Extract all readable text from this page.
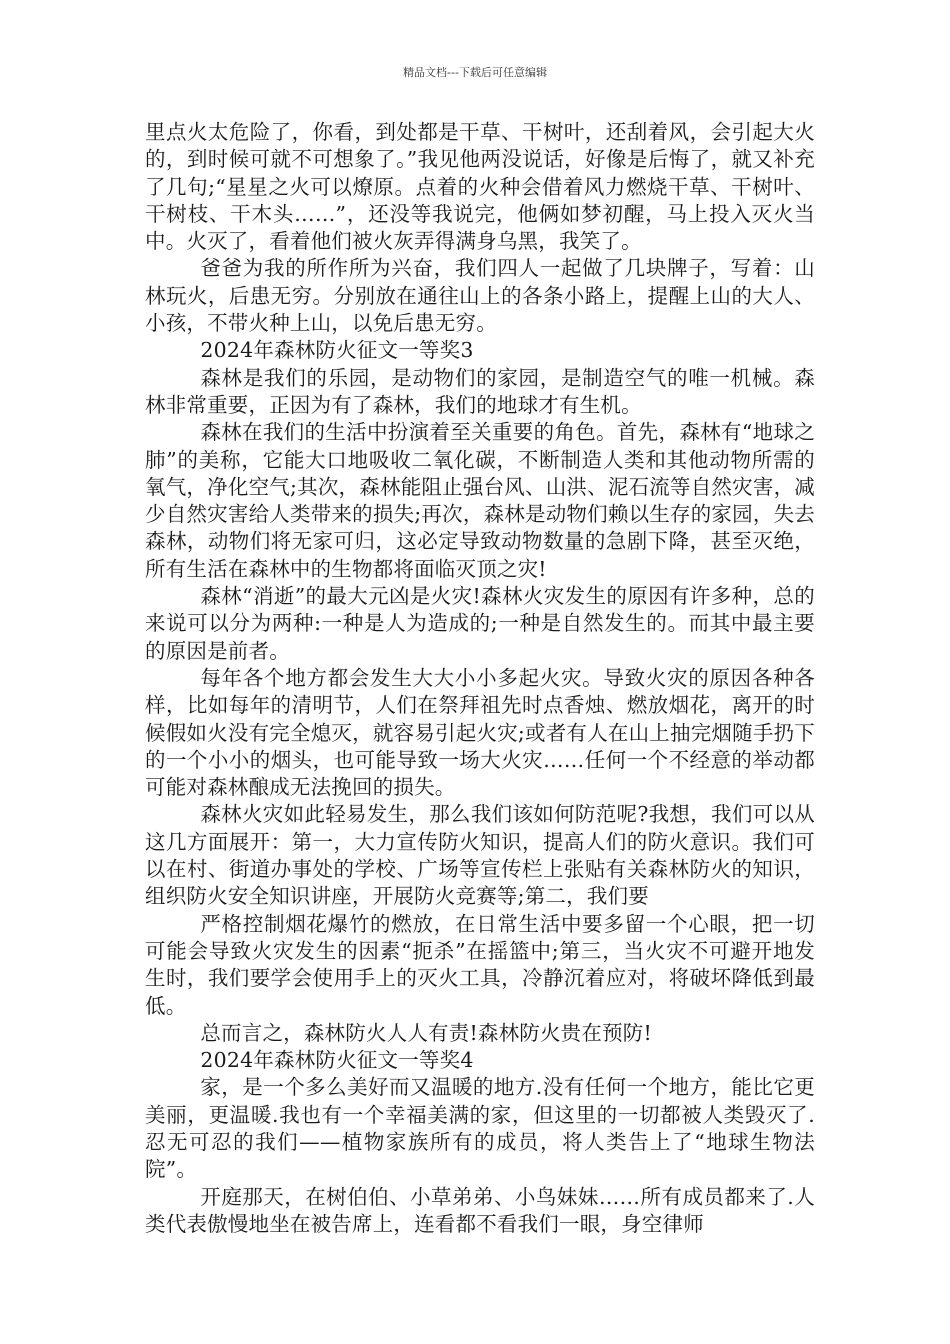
精品文档---下载后可任意编辑

里点火太危险了，你看，到处都是干草、干树叶，还刮着风，会引起大火的，到时候可就不可想象了。”我见他两没说话，好像是后悔了，就又补充了几句;“星星之火可以燎原。点着的火种会借着风力燃烧干草、干树叶、干树枝、干木头……”，还没等我说完，他俩如梦初醒，马上投入灭火当中。火灭了，看着他们被火灰弄得满身乌黑，我笑了。

爸爸为我的所作所为兴奋，我们四人一起做了几块牌子，写着：山林玩火，后患无穷。分别放在通往山上的各条小路上，提醒上山的大人、小孩，不带火种上山，以免后患无穷。

2024年森林防火征文一等奖3

森林是我们的乐园，是动物们的家园，是制造空气的唯一机械。森林非常重要，正因为有了森林，我们的地球才有生机。

森林在我们的生活中扮演着至关重要的角色。首先，森林有“地球之肺”的美称，它能大口地吸收二氧化碳，不断制造人类和其他动物所需的氧气，净化空气;其次，森林能阻止强台风、山洪、泥石流等自然灾害，减少自然灾害给人类带来的损失;再次，森林是动物们赖以生存的家园，失去森林，动物们将无家可归，这必定导致动物数量的急剧下降，甚至灭绝，所有生活在森林中的生物都将面临灭顶之灾!

森林“消逝”的最大元凶是火灾!森林火灾发生的原因有许多种，总的来说可以分为两种:一种是人为造成的;一种是自然发生的。而其中最主要的原因是前者。

每年各个地方都会发生大大小小多起火灾。导致火灾的原因各种各样，比如每年的清明节，人们在祭拜祖先时点香烛、燃放烟花，离开的时候假如火没有完全熄灭，就容易引起火灾;或者有人在山上抽完烟随手扔下的一个小小的烟头，也可能导致一场大火灾……任何一个不经意的举动都可能对森林酿成无法挽回的损失。

森林火灾如此轻易发生，那么我们该如何防范呢?我想，我们可以从这几方面展开：第一，大力宣传防火知识，提高人们的防火意识。我们可以在村、街道办事处的学校、广场等宣传栏上张贴有关森林防火的知识，组织防火安全知识讲座，开展防火竞赛等;第二，我们要

严格控制烟花爆竹的燃放，在日常生活中要多留一个心眼，把一切可能会导致火灾发生的因素“扼杀”在摇篮中;第三，当火灾不可避开地发生时，我们要学会使用手上的灭火工具，冷静沉着应对，将破坏降低到最低。

总而言之，森林防火人人有责!森林防火贵在预防!

2024年森林防火征文一等奖4

家，是一个多么美好而又温暖的地方.没有任何一个地方，能比它更美丽，更温暖.我也有一个幸福美满的家，但这里的一切都被人类毁灭了.忍无可忍的我们——植物家族所有的成员，将人类告上了“地球生物法院”。

开庭那天，在树伯伯、小草弟弟、小鸟妹妹……所有成员都来了.人类代表傲慢地坐在被告席上，连看都不看我们一眼，身空律师
